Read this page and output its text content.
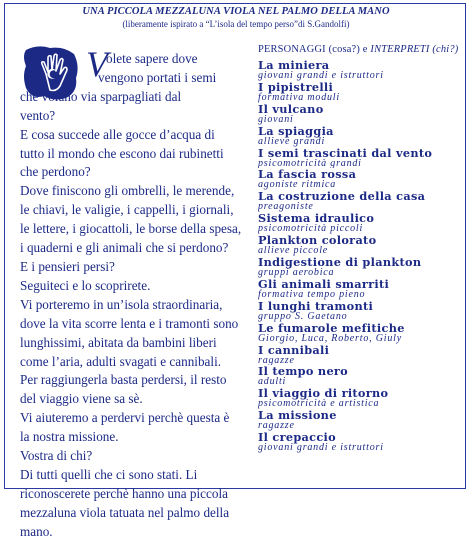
UNA PICCOLA MEZZALUNA VIOLA NEL PALMO DELLA MANO
(liberamente ispirato a “L’isola del tempo perso”di S.Gandolfi)
V

olete sapere dove

vengono portati i semi

che volano via sparpagliati dal

vento?

E cosa succede alle gocce d’acqua di

tutto il mondo che escono dai rubinetti

che perdono?

Dove finiscono gli ombrelli, le merende,

le chiavi, le valigie, i cappelli, i giornali,

le lettere, i giocattoli, le borse della spesa,

i quaderni e gli animali che si perdono?

E i pensieri persi?

Seguiteci e lo scoprirete.

Vi porteremo in un’isola straordinaria,

dove la vita scorre lenta e i tramonti sono

lunghissimi, abitata da bambini liberi

come l’aria, adulti svagati e cannibali.

Per raggiungerla basta perdersi, il resto

del viaggio viene sa sè.

Vi aiuteremo a perdervi perchè questa è

la nostra missione.

Vostra di chi?

Di tutti quelli che ci sono stati. Li

riconoscerete perchè hanno una piccola

mezzaluna viola tatuata nel palmo della

mano.

PERSONAGGI (cosa?) e INTERPRETI (chi?)
La miniera
giovani grandi e istruttori
I pipistrelli
formativa moduli
Il vulcano
giovani
La spiaggia
allieve grandi
I semi trascinati dal vento
psicomotricità grandi
La fascia rossa
agoniste ritmica
La costruzione della casa
preagoniste
Sistema idraulico
psicomotricità piccoli
Plankton colorato
allieve piccole
Indigestione di plankton
gruppi aerobica
Gli animali smarriti
formativa tempo pieno
I lunghi tramonti
gruppo S. Gaetano
Le fumarole mefitiche
Giorgio, Luca, Roberto, Giuly
I cannibali
ragazze
Il tempo nero
adulti
Il viaggio di ritorno
psicomotricità e artistica
La missione
ragazze
Il crepaccio
giovani grandi e istruttori
